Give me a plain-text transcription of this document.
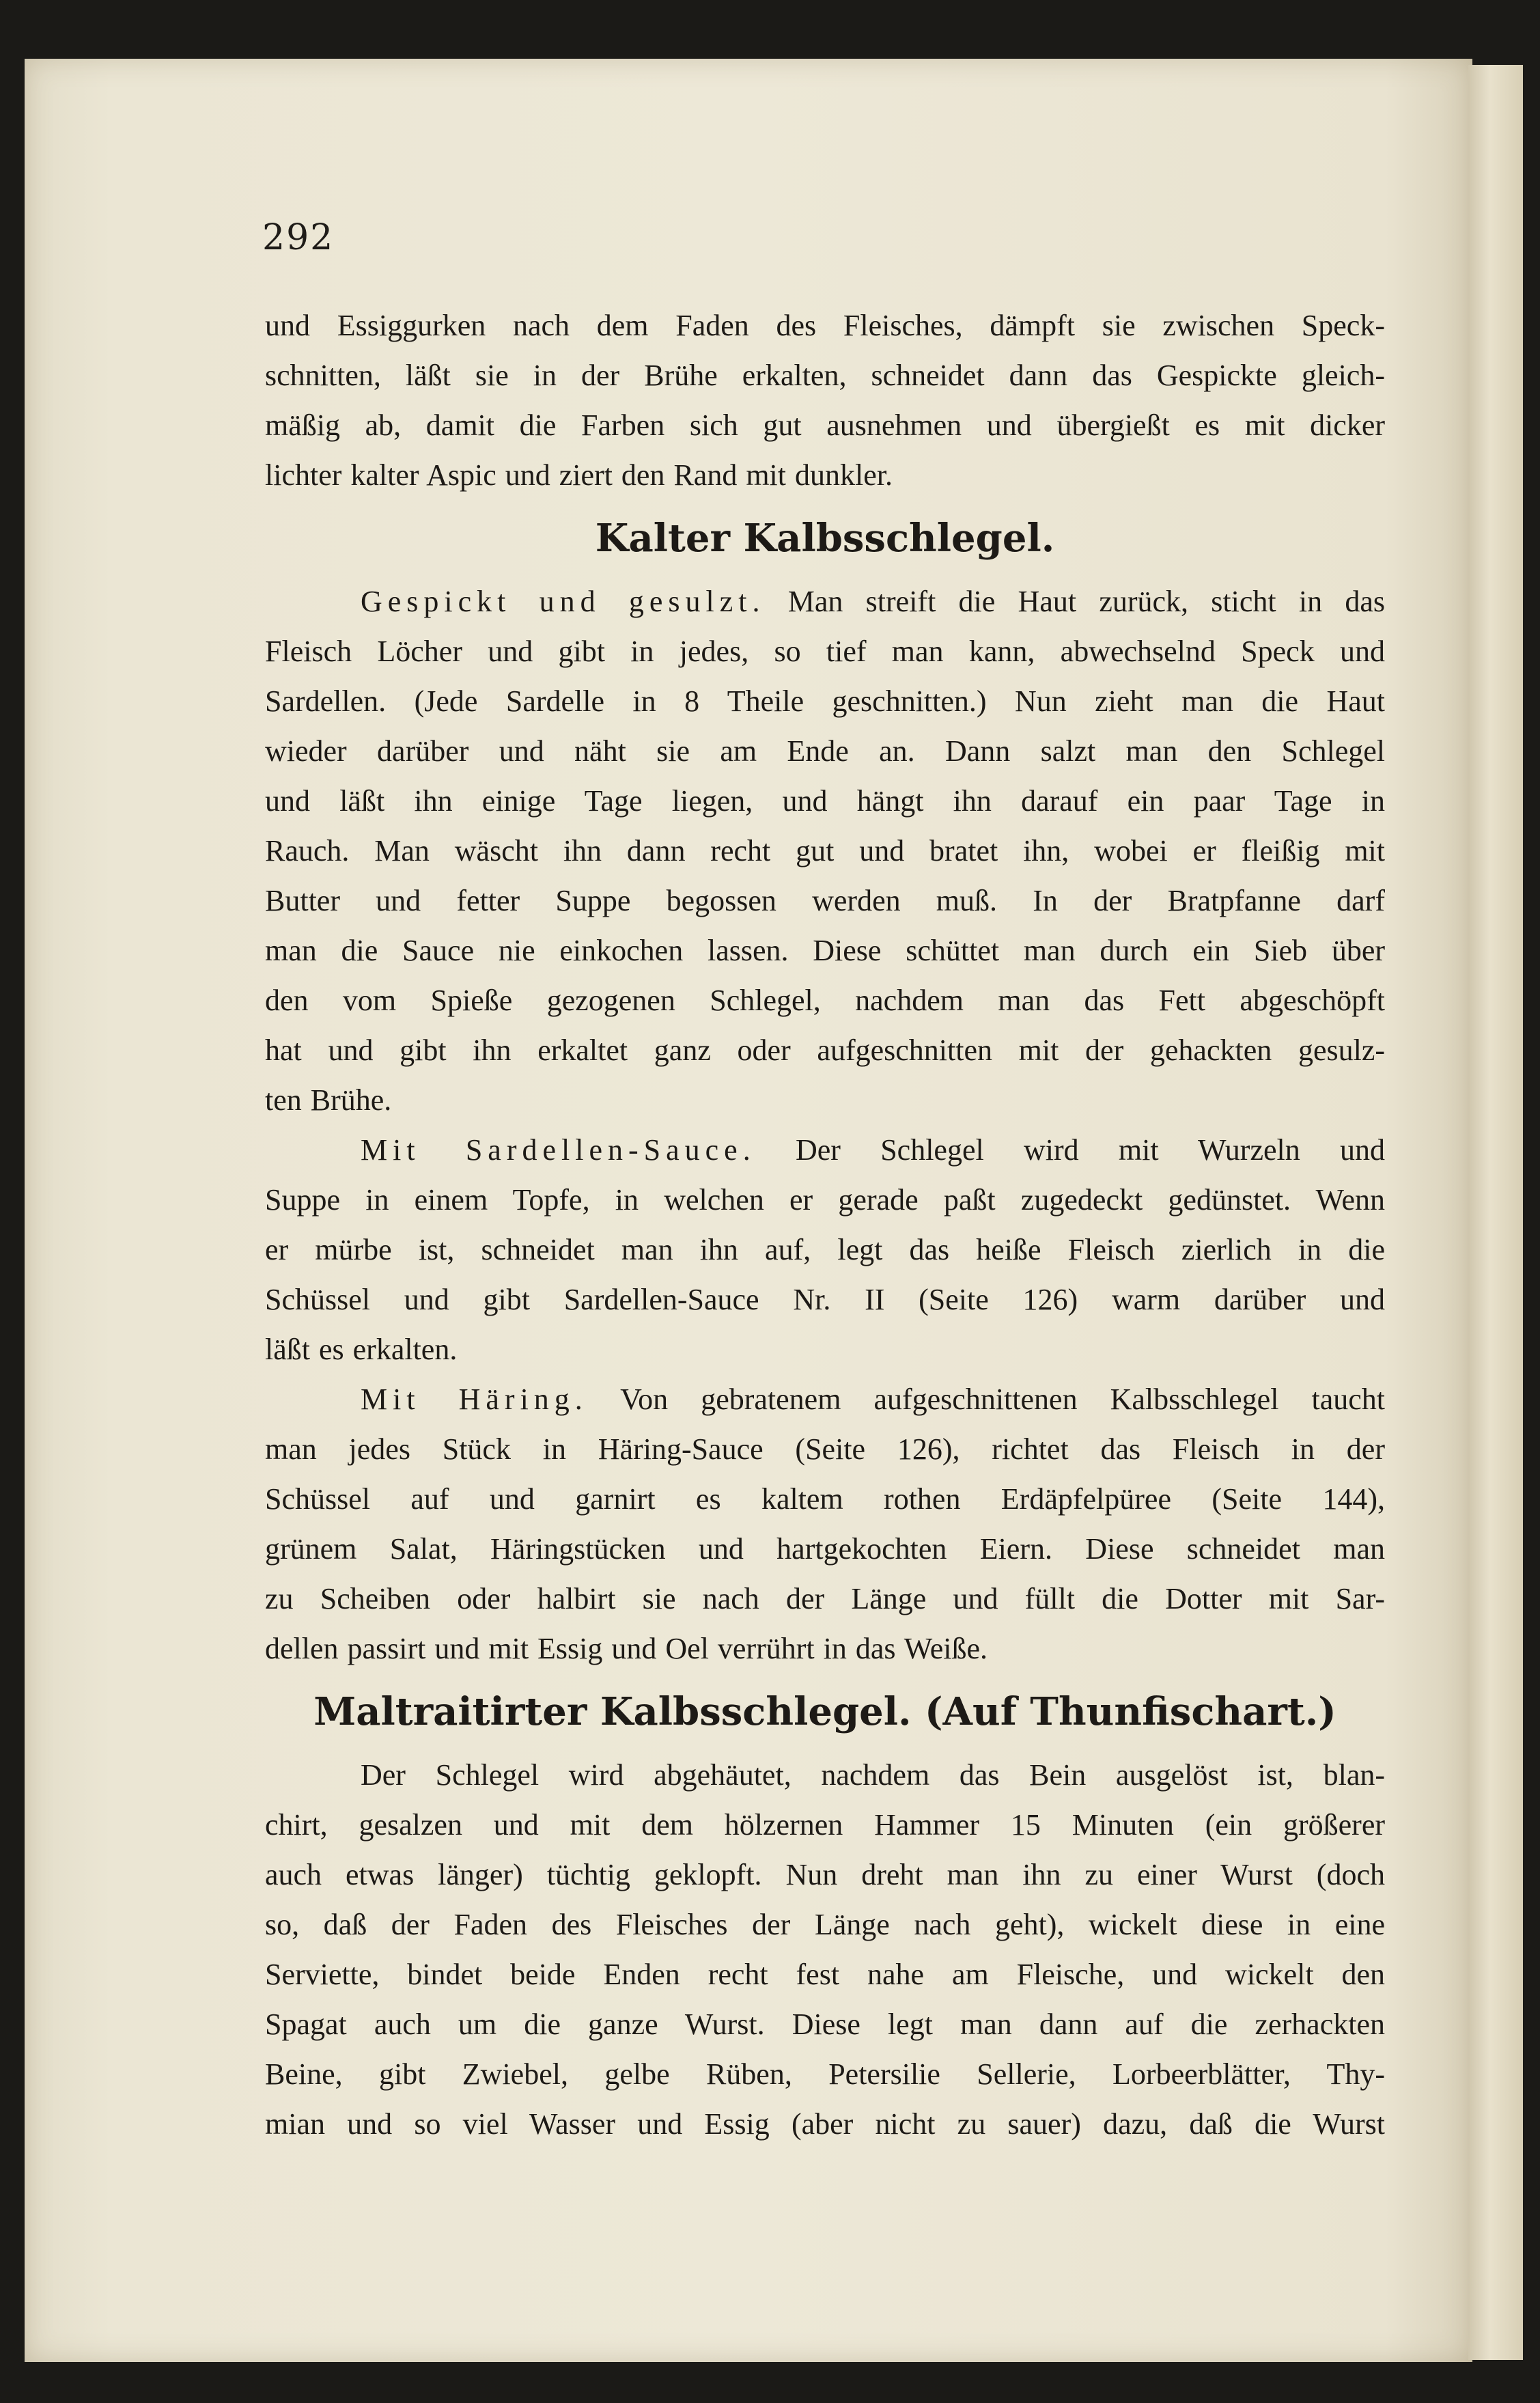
292
und Essiggurken nach dem Faden des Fleisches, dämpft sie zwischen Speck-
schnitten, läßt sie in der Brühe erkalten, schneidet dann das Gespickte gleich-
mäßig ab, damit die Farben sich gut ausnehmen und übergießt es mit dicker
lichter kalter Aspic und ziert den Rand mit dunkler.
Kalter Kalbsschlegel.
Gespickt und gesulzt. Man streift die Haut zurück, sticht in das
Fleisch Löcher und gibt in jedes, so tief man kann, abwechselnd Speck und
Sardellen. (Jede Sardelle in 8 Theile geschnitten.) Nun zieht man die Haut
wieder darüber und näht sie am Ende an. Dann salzt man den Schlegel
und läßt ihn einige Tage liegen, und hängt ihn darauf ein paar Tage in
Rauch. Man wäscht ihn dann recht gut und bratet ihn, wobei er fleißig mit
Butter und fetter Suppe begossen werden muß. In der Bratpfanne darf
man die Sauce nie einkochen lassen. Diese schüttet man durch ein Sieb über
den vom Spieße gezogenen Schlegel, nachdem man das Fett abgeschöpft
hat und gibt ihn erkaltet ganz oder aufgeschnitten mit der gehackten gesulz-
ten Brühe.
Mit Sardellen-Sauce. Der Schlegel wird mit Wurzeln und
Suppe in einem Topfe, in welchen er gerade paßt zugedeckt gedünstet. Wenn
er mürbe ist, schneidet man ihn auf, legt das heiße Fleisch zierlich in die
Schüssel und gibt Sardellen-Sauce Nr. II (Seite 126) warm darüber und
läßt es erkalten.
Mit Häring. Von gebratenem aufgeschnittenen Kalbsschlegel taucht
man jedes Stück in Häring-Sauce (Seite 126), richtet das Fleisch in der
Schüssel auf und garnirt es kaltem rothen Erdäpfelpüree (Seite 144),
grünem Salat, Häringstücken und hartgekochten Eiern. Diese schneidet man
zu Scheiben oder halbirt sie nach der Länge und füllt die Dotter mit Sar-
dellen passirt und mit Essig und Oel verrührt in das Weiße.
Maltraitirter Kalbsschlegel. (Auf Thunfischart.)
Der Schlegel wird abgehäutet, nachdem das Bein ausgelöst ist, blan-
chirt, gesalzen und mit dem hölzernen Hammer 15 Minuten (ein größerer
auch etwas länger) tüchtig geklopft. Nun dreht man ihn zu einer Wurst (doch
so, daß der Faden des Fleisches der Länge nach geht), wickelt diese in eine
Serviette, bindet beide Enden recht fest nahe am Fleische, und wickelt den
Spagat auch um die ganze Wurst. Diese legt man dann auf die zerhackten
Beine, gibt Zwiebel, gelbe Rüben, Petersilie Sellerie, Lorbeerblätter, Thy-
mian und so viel Wasser und Essig (aber nicht zu sauer) dazu, daß die Wurst
